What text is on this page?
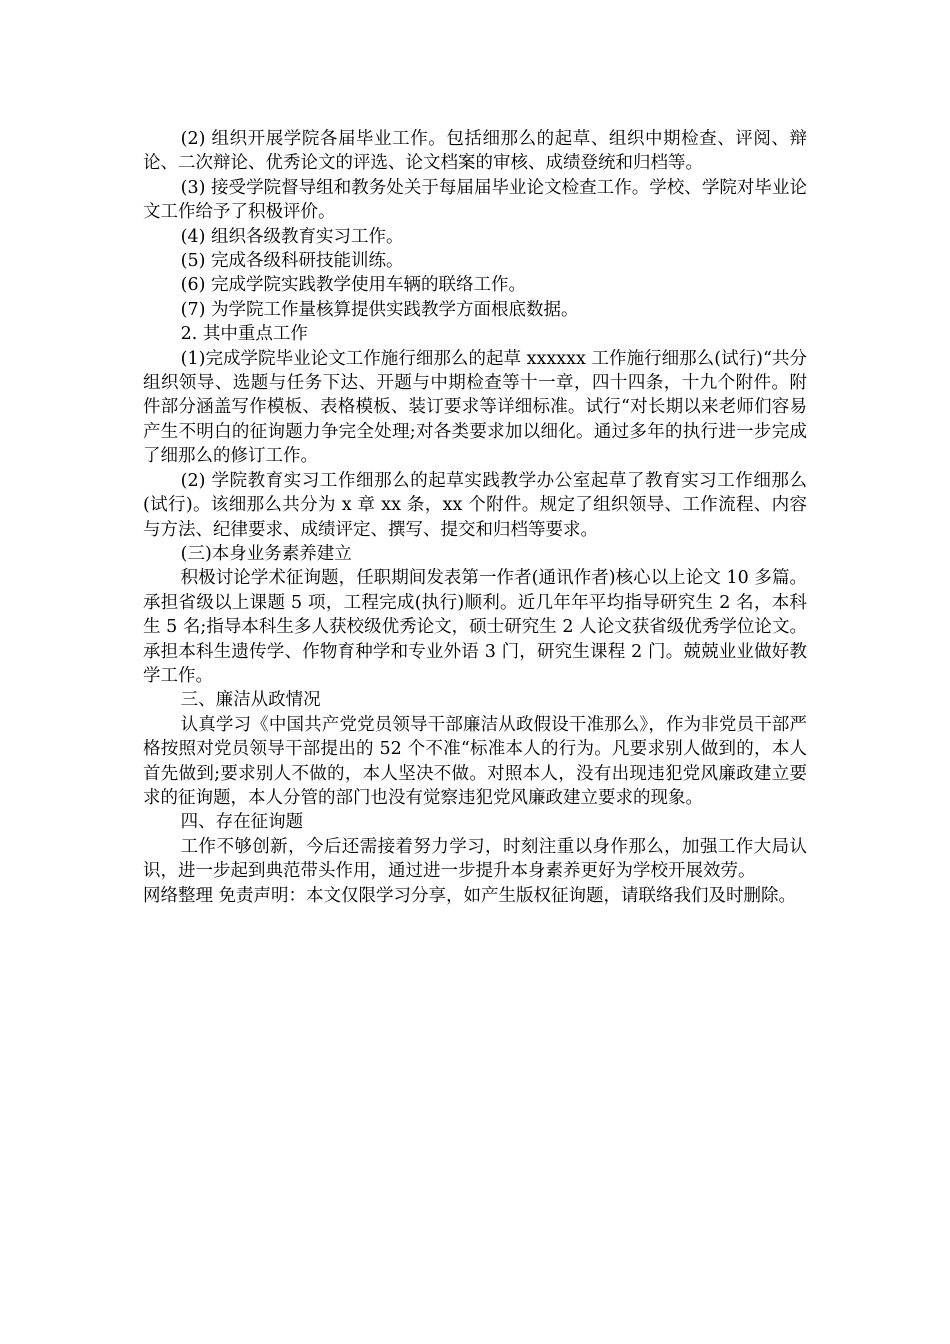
(2) 组织开展学院各届毕业工作。包括细那么的起草、组织中期检查、评阅、辩论、二次辩论、优秀论文的评选、论文档案的审核、成绩登统和归档等。

(3) 接受学院督导组和教务处关于每届届毕业论文检查工作。学校、学院对毕业论文工作给予了积极评价。

(4) 组织各级教育实习工作。

(5) 完成各级科研技能训练。

(6) 完成学院实践教学使用车辆的联络工作。

(7) 为学院工作量核算提供实践教学方面根底数据。

2. 其中重点工作

(1)完成学院毕业论文工作施行细那么的起草 xxxxxx 工作施行细那么(试行)“共分组织领导、选题与任务下达、开题与中期检查等十一章，四十四条，十九个附件。附件部分涵盖写作模板、表格模板、装订要求等详细标准。试行“对长期以来老师们容易产生不明白的征询题力争完全处理;对各类要求加以细化。通过多年的执行进一步完成了细那么的修订工作。

(2) 学院教育实习工作细那么的起草实践教学办公室起草了教育实习工作细那么(试行)。该细那么共分为 x 章 xx 条，xx 个附件。规定了组织领导、工作流程、内容与方法、纪律要求、成绩评定、撰写、提交和归档等要求。

(三)本身业务素养建立

积极讨论学术征询题，任职期间发表第一作者(通讯作者)核心以上论文 10 多篇。承担省级以上课题 5 项，工程完成(执行)顺利。近几年年平均指导研究生 2 名，本科生 5 名;指导本科生多人获校级优秀论文，硕士研究生 2 人论文获省级优秀学位论文。承担本科生遗传学、作物育种学和专业外语 3 门，研究生课程 2 门。兢兢业业做好教学工作。

三、廉洁从政情况

认真学习《中国共产党党员领导干部廉洁从政假设干准那么》，作为非党员干部严格按照对党员领导干部提出的 52 个不准“标准本人的行为。凡要求别人做到的，本人首先做到;要求别人不做的，本人坚决不做。对照本人，没有出现违犯党风廉政建立要求的征询题，本人分管的部门也没有觉察违犯党风廉政建立要求的现象。

四、存在征询题

工作不够创新，今后还需接着努力学习，时刻注重以身作那么，加强工作大局认识，进一步起到典范带头作用，通过进一步提升本身素养更好为学校开展效劳。

网络整理 免责声明：本文仅限学习分享，如产生版权征询题，请联络我们及时删除。
